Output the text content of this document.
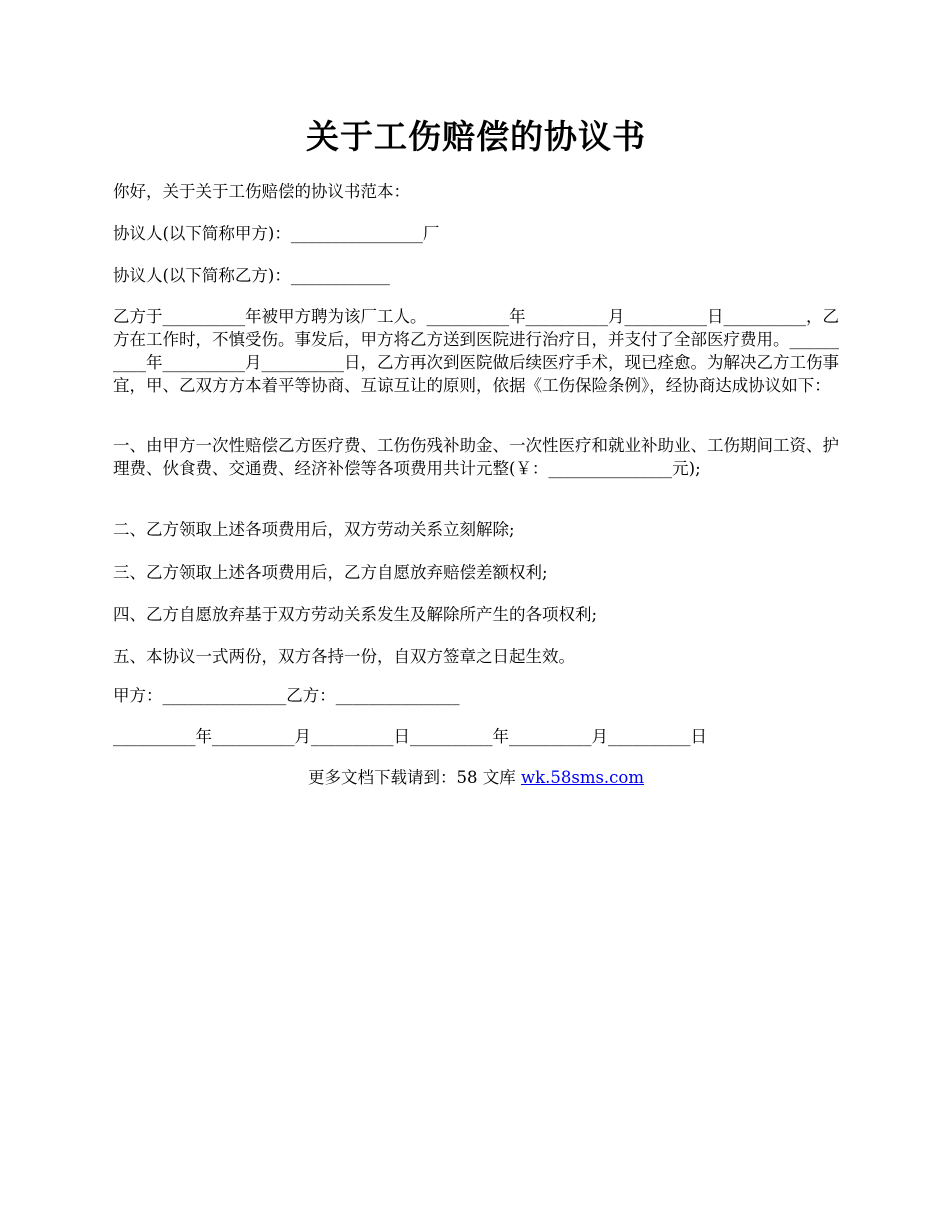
关于工伤赔偿的协议书

你好，关于关于工伤赔偿的协议书范本：

协议人(以下简称甲方)：________________厂

协议人(以下简称乙方)：____________

乙方于__________年被甲方聘为该厂工人。__________年__________月__________日__________，乙方在工作时，不慎受伤。事发后，甲方将乙方送到医院进行治疗日，并支付了全部医疗费用。__________年__________月__________日，乙方再次到医院做后续医疗手术，现已痊愈。为解决乙方工伤事宜，甲、乙双方方本着平等协商、互谅互让的原则，依据《工伤保险条例》，经协商达成协议如下：

一、由甲方一次性赔偿乙方医疗费、工伤伤残补助金、一次性医疗和就业补助业、工伤期间工资、护理费、伙食费、交通费、经济补偿等各项费用共计元整(￥：_______________元);

二、乙方领取上述各项费用后，双方劳动关系立刻解除;

三、乙方领取上述各项费用后，乙方自愿放弃赔偿差额权利;

四、乙方自愿放弃基于双方劳动关系发生及解除所产生的各项权利;

五、本协议一式两份，双方各持一份，自双方签章之日起生效。

甲方：_______________乙方：_______________

__________年__________月__________日__________年__________月__________日

更多文档下载请到：58 文库 wk.58sms.com
